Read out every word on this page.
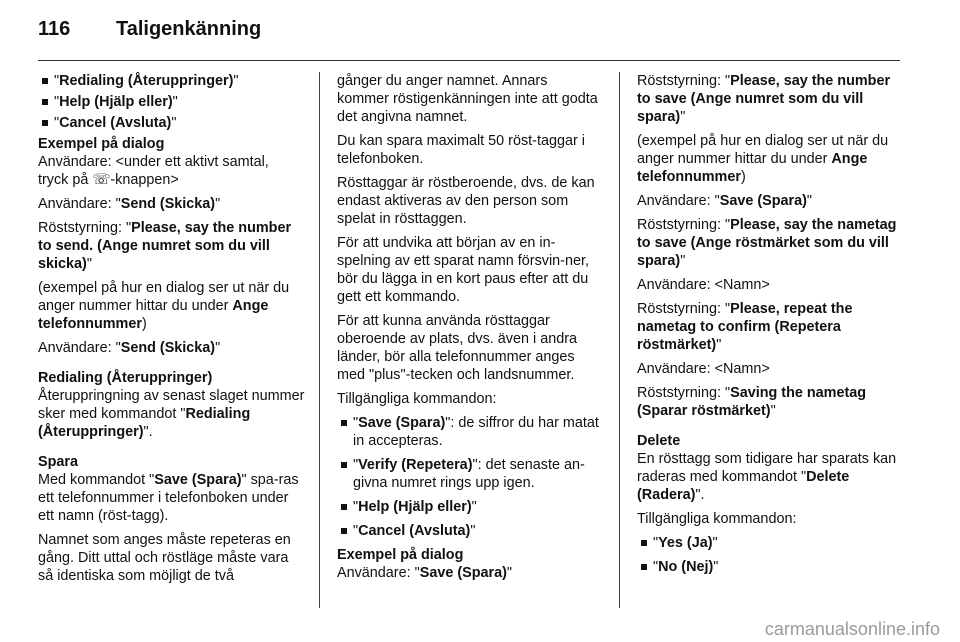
116 Taligenkänning
"Redialing (Återuppringer)"
"Help (Hjälp eller)"
"Cancel (Avsluta)"
Exempel på dialog

Användare: <under ett aktivt samtal,
tryck på ☏-knappen>

Användare: "Send (Skicka)"

Röststyrning: "Please, say the number to send. (Ange numret som du vill skicka)"

(exempel på hur en dialog ser ut när du anger nummer hittar du under Ange telefonnummer)

Användare: "Send (Skicka)"

Redialing (Återuppringer)

Återuppringning av senast slaget nummer sker med kommandot "Redialing (Återuppringer)".

Spara

Med kommandot "Save (Spara)" spa-ras ett telefonnummer i telefonboken under ett namn (röst-tagg).

Namnet som anges måste repeteras en gång. Ditt uttal och röstläge måste vara så identiska som möjligt de två

gånger du anger namnet. Annars kommer röstigenkänningen inte att godta det angivna namnet.

Du kan spara maximalt 50 röst-taggar i telefonboken.

Rösttaggar är röstberoende, dvs. de kan endast aktiveras av den person som spelat in rösttaggen.

För att undvika att början av en in-spelning av ett sparat namn försvin-ner, bör du lägga in en kort paus efter att du gett ett kommando.

För att kunna använda rösttaggar oberoende av plats, dvs. även i andra länder, bör alla telefonnummer anges med "plus"-tecken och landsnummer.

Tillgängliga kommandon:

"Save (Spara)": de siffror du har matat in accepteras.
"Verify (Repetera)": det senaste an-givna numret rings upp igen.
"Help (Hjälp eller)"
"Cancel (Avsluta)"
Exempel på dialog

Användare: "Save (Spara)"

Röststyrning: "Please, say the number to save (Ange numret som du vill spara)"

(exempel på hur en dialog ser ut när du anger nummer hittar du under Ange telefonnummer)

Användare: "Save (Spara)"

Röststyrning: "Please, say the nametag to save (Ange röstmärket som du vill spara)"

Användare: <Namn>

Röststyrning: "Please, repeat the nametag to confirm (Repetera röstmärket)"

Användare: <Namn>

Röststyrning: "Saving the nametag (Sparar röstmärket)"

Delete

En rösttagg som tidigare har sparats kan raderas med kommandot "Delete (Radera)".

Tillgängliga kommandon:

"Yes (Ja)"
"No (Nej)"
carmanualsonline.info
